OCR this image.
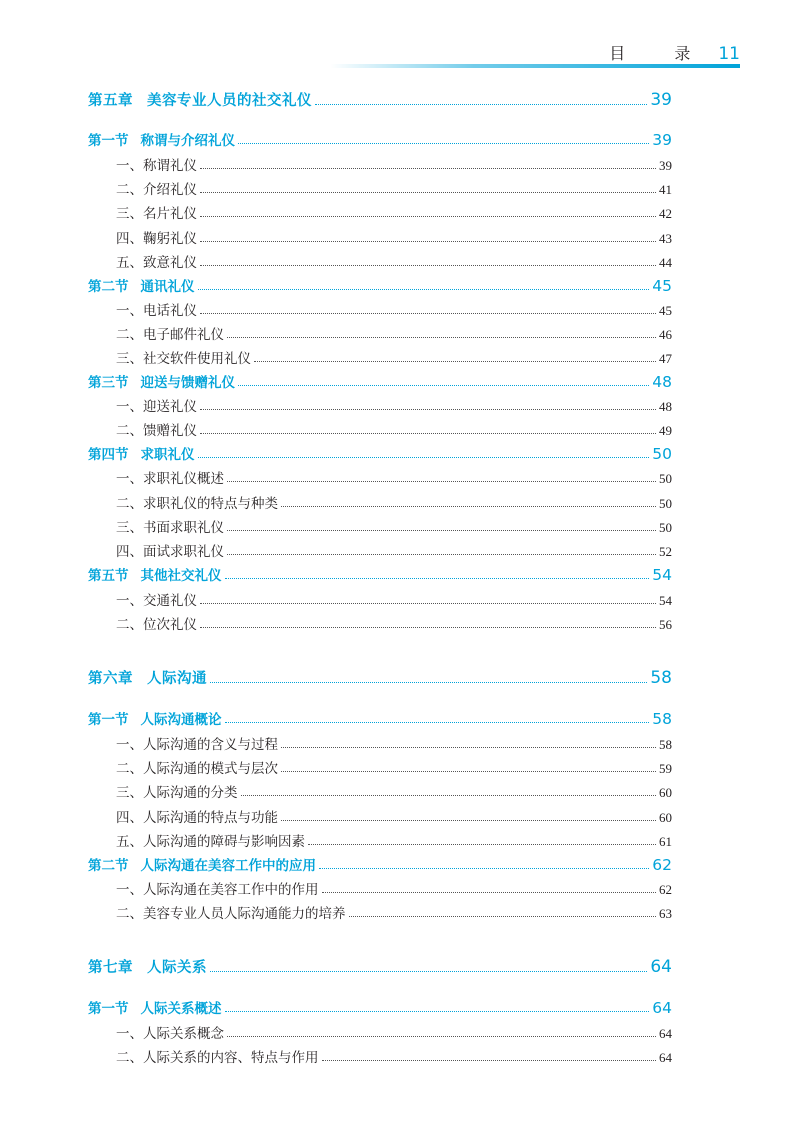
目 录 11
第五章 美容专业人员的社交礼仪	39
第一节 称谓与介绍礼仪	39
一、称谓礼仪	39
二、介绍礼仪	41
三、名片礼仪	42
四、鞠躬礼仪	43
五、致意礼仪	44
第二节 通讯礼仪	45
一、电话礼仪	45
二、电子邮件礼仪	46
三、社交软件使用礼仪	47
第三节 迎送与馈赠礼仪	48
一、迎送礼仪	48
二、馈赠礼仪	49
第四节 求职礼仪	50
一、求职礼仪概述	50
二、求职礼仪的特点与种类	50
三、书面求职礼仪	50
四、面试求职礼仪	52
第五节 其他社交礼仪	54
一、交通礼仪	54
二、位次礼仪	56
第六章 人际沟通	58
第一节 人际沟通概论	58
一、人际沟通的含义与过程	58
二、人际沟通的模式与层次	59
三、人际沟通的分类	60
四、人际沟通的特点与功能	60
五、人际沟通的障碍与影响因素	61
第二节 人际沟通在美容工作中的应用	62
一、人际沟通在美容工作中的作用	62
二、美容专业人员人际沟通能力的培养	63
第七章 人际关系	64
第一节 人际关系概述	64
一、人际关系概念	64
二、人际关系的内容、特点与作用	64
